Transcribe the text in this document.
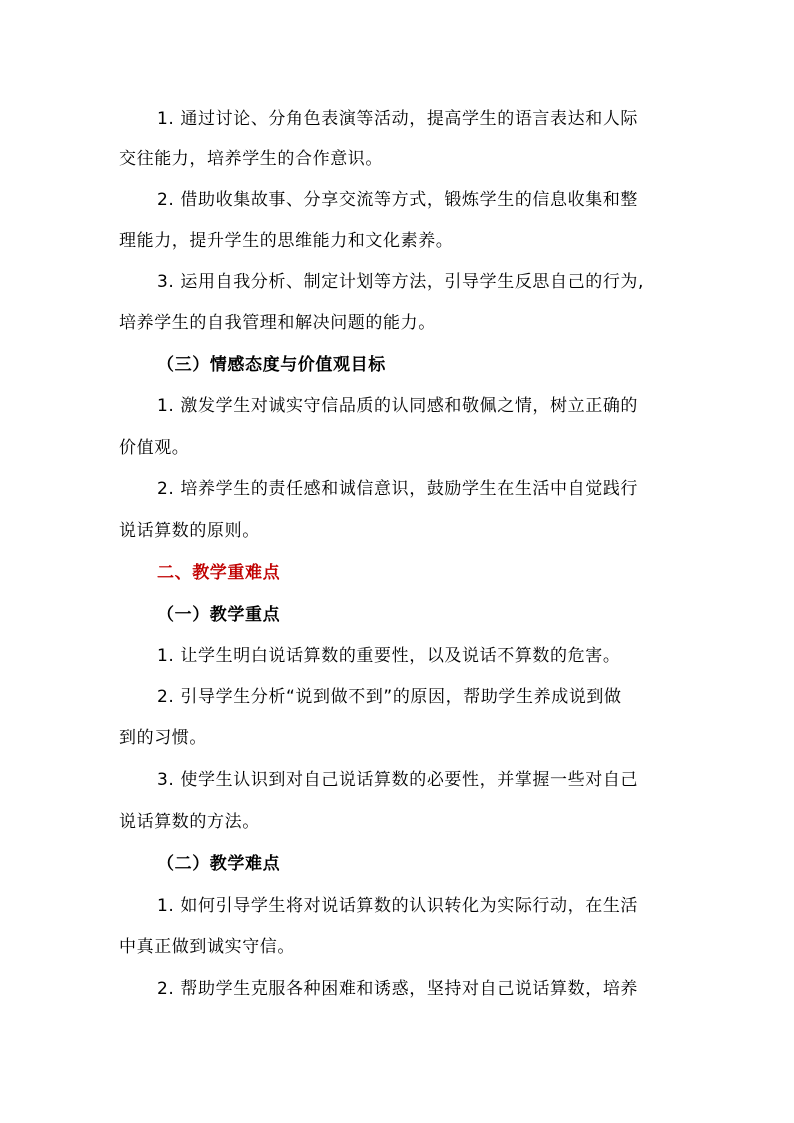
1. 通过讨论、分角色表演等活动，提高学生的语言表达和人际
交往能力，培养学生的合作意识。
2. 借助收集故事、分享交流等方式，锻炼学生的信息收集和整
理能力，提升学生的思维能力和文化素养。
3. 运用自我分析、制定计划等方法，引导学生反思自己的行为,
培养学生的自我管理和解决问题的能力。
（三）情感态度与价值观目标
1. 激发学生对诚实守信品质的认同感和敬佩之情，树立正确的
价值观。
2. 培养学生的责任感和诚信意识，鼓励学生在生活中自觉践行
说话算数的原则。
二、教学重难点
（一）教学重点
1. 让学生明白说话算数的重要性，以及说话不算数的危害。
2. 引导学生分析“说到做不到”的原因，帮助学生养成说到做
到的习惯。
3. 使学生认识到对自己说话算数的必要性，并掌握一些对自己
说话算数的方法。
（二）教学难点
1. 如何引导学生将对说话算数的认识转化为实际行动，在生活
中真正做到诚实守信。
2. 帮助学生克服各种困难和诱惑，坚持对自己说话算数，培养
